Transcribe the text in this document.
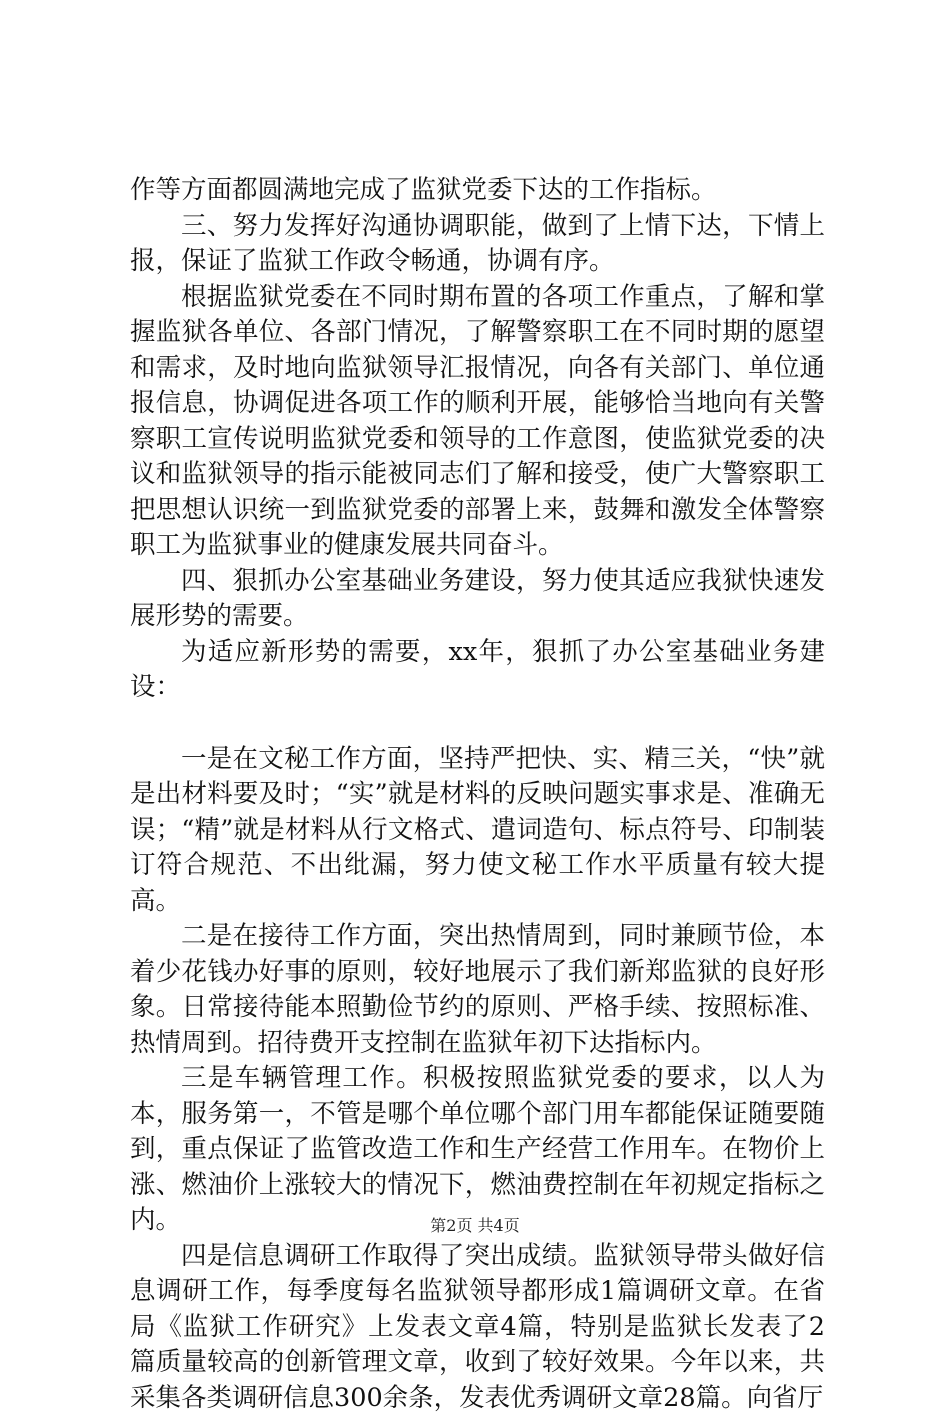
作等方面都圆满地完成了监狱党委下达的工作指标。

三、努力发挥好沟通协调职能，做到了上情下达，下情上报，保证了监狱工作政令畅通，协调有序。

根据监狱党委在不同时期布置的各项工作重点，了解和掌握监狱各单位、各部门情况，了解警察职工在不同时期的愿望和需求，及时地向监狱领导汇报情况，向各有关部门、单位通报信息，协调促进各项工作的顺利开展，能够恰当地向有关警察职工宣传说明监狱党委和领导的工作意图，使监狱党委的决议和监狱领导的指示能被同志们了解和接受，使广大警察职工把思想认识统一到监狱党委的部署上来，鼓舞和激发全体警察职工为监狱事业的健康发展共同奋斗。

四、狠抓办公室基础业务建设，努力使其适应我狱快速发展形势的需要。

为适应新形势的需要，xx年，狠抓了办公室基础业务建设：

一是在文秘工作方面，坚持严把快、实、精三关，“快”就是出材料要及时；“实”就是材料的反映问题实事求是、准确无误；“精”就是材料从行文格式、遣词造句、标点符号、印制装订符合规范、不出纰漏，努力使文秘工作水平质量有较大提高。

二是在接待工作方面，突出热情周到，同时兼顾节俭，本着少花钱办好事的原则，较好地展示了我们新郑监狱的良好形象。日常接待能本照勤俭节约的原则、严格手续、按照标准、热情周到。招待费开支控制在监狱年初下达指标内。

三是车辆管理工作。积极按照监狱党委的要求，以人为本，服务第一，不管是哪个单位哪个部门用车都能保证随要随到，重点保证了监管改造工作和生产经营工作用车。在物价上涨、燃油价上涨较大的情况下，燃油费控制在年初规定指标之内。

四是信息调研工作取得了突出成绩。监狱领导带头做好信息调研工作，每季度每名监狱领导都形成1篇调研文章。在省局《监狱工作研究》上发表文章4篇，特别是监狱长发表了2篇质量较高的创新管理文章，收到了较好效果。今年以来，共采集各类调研信息300余条，发表优秀调研文章28篇。向省厅

第2页 共4页
